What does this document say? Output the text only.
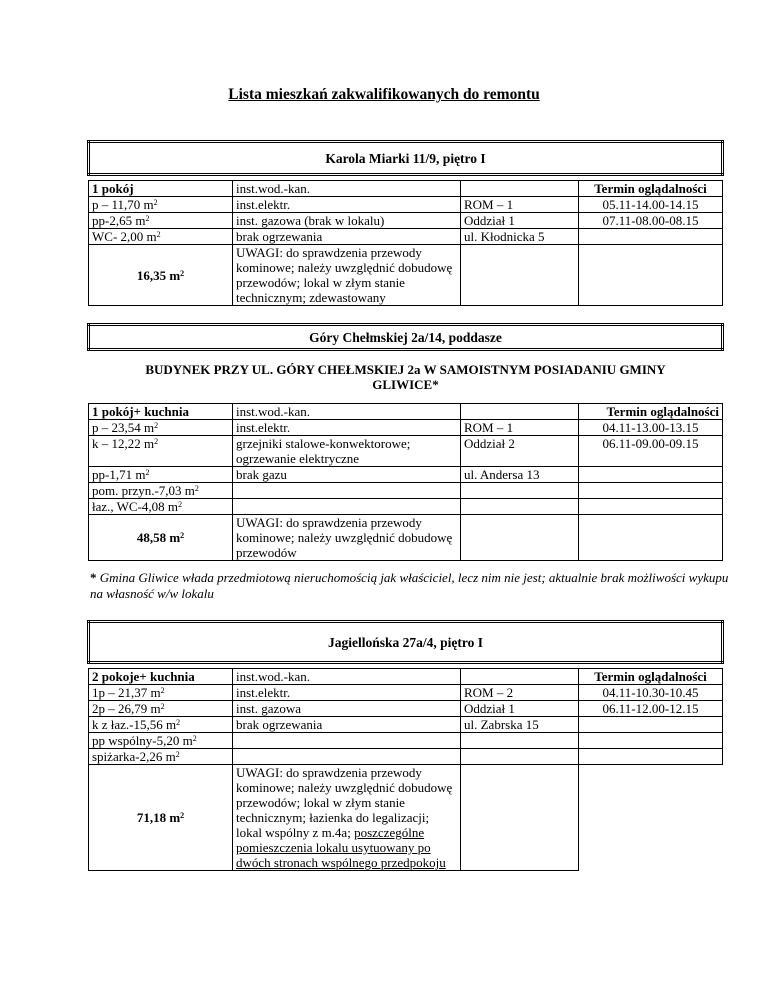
Lista mieszkań zakwalifikowanych do remontu
Karola Miarki 11/9, piętro I			

1 pokój	inst.wod.-kan.		Termin oglądalności
p – 11,70 $m^2$	inst.elektr.	ROM – 1	05.11-14.00-14.15
pp-2,65 $m^2$	inst. gazowa (brak w lokalu)	Oddział 1	07.11-08.00-08.15
WC- 2,00 $m^2$	brak ogrzewania	ul. Kłodnicka 5	
16,35 $m^2$	UWAGI: do sprawdzenia przewody kominowe; należy uwzględnić dobudowę przewodów; lokal w złym stanie technicznym; zdewastowany		
Góry Chełmskiej 2a/14, poddasze			
BUDYNEK PRZY UL. GÓRY CHEŁMSKIEJ 2a W SAMOISTNYM POSIADANIU GMINY GLIWICE*			
1 pokój+ kuchnia	inst.wod.-kan.		Termin oglądalności
p – 23,54 $m^2$	inst.elektr.	ROM – 1	04.11-13.00-13.15
k – 12,22 $m^2$	grzejniki stalowe-konwektorowe; ogrzewanie elektryczne	Oddział 2	06.11-09.00-09.15
pp-1,71 $m^2$	brak gazu	ul. Andersa 13	
pom. przyn.-7,03 $m^2$			
łaz., WC-4,08 $m^2$			
48,58 $m^2$	UWAGI: do sprawdzenia przewody kominowe; należy uwzględnić dobudowę przewodów		
* Gmina Gliwice włada przedmiotową nieruchomością jak właściciel, lecz nim nie jest; aktualnie brak możliwości wykupu na własność w/w lokalu
Jagiellońska 27a/4, piętro I			

2 pokoje+ kuchnia	inst.wod.-kan.		Termin oglądalności
1p – 21,37 $m^2$	inst.elektr.	ROM – 2	04.11-10.30-10.45
2p – 26,79 $m^2$	inst. gazowa	Oddział 1	06.11-12.00-12.15
k z łaz.-15,56 $m^2$	brak ogrzewania	ul. Zabrska 15	
pp wspólny-5,20 $m^2$			
spiżarka-2,26 $m^2$			
71,18 $m^2$	UWAGI: do sprawdzenia przewody kominowe; należy uwzględnić dobudowę przewodów; lokal w złym stanie technicznym; łazienka do legalizacji; lokal wspólny z m.4a; poszczególne pomieszczenia lokalu usytuowany po dwóch stronach wspólnego przedpokoju		
